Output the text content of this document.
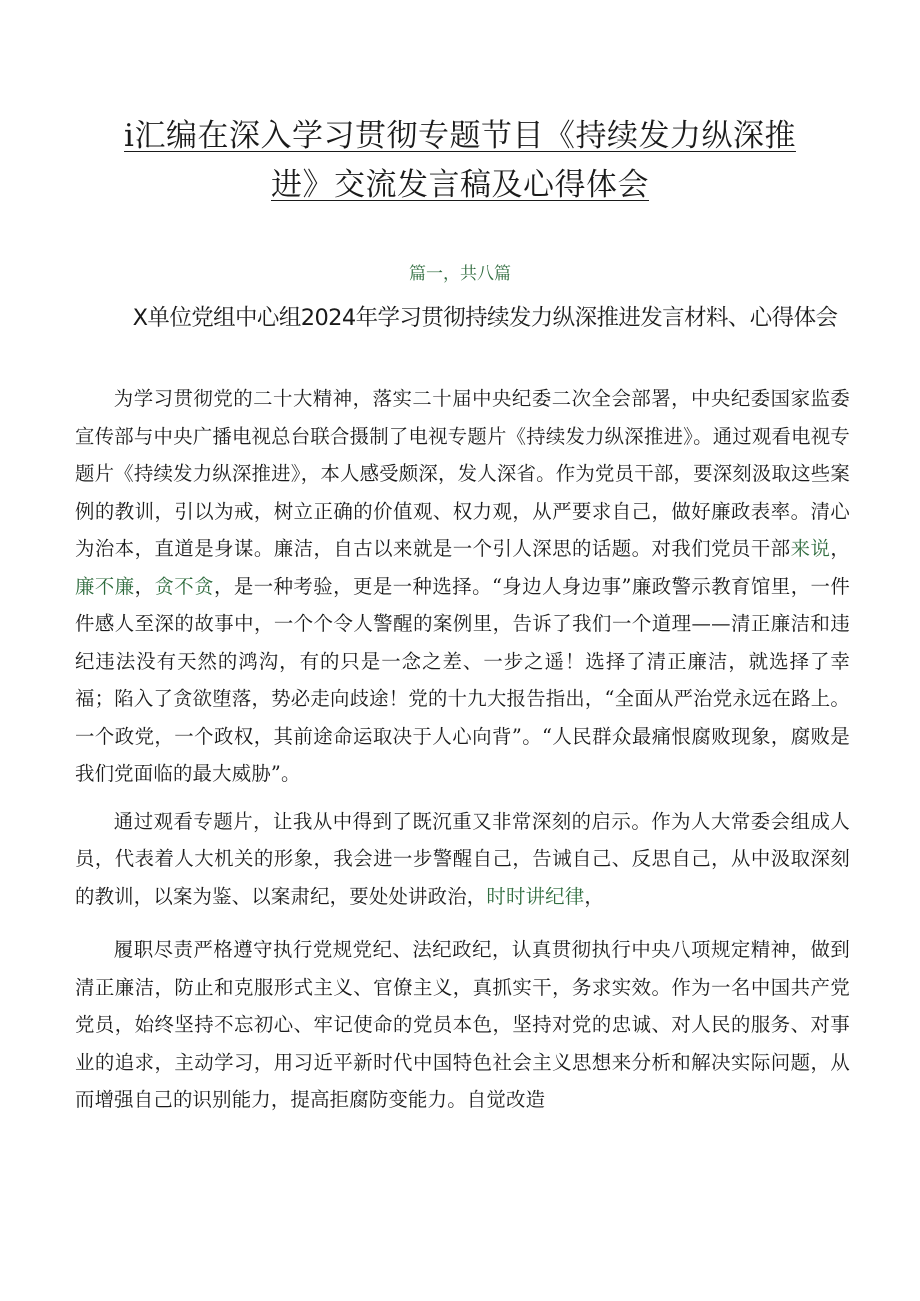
i汇编在深入学习贯彻专题节目《持续发力纵深推进》交流发言稿及心得体会

篇一，共八篇

X单位党组中心组2024年学习贯彻持续发力纵深推进发言材料、心得体会

为学习贯彻党的二十大精神，落实二十届中央纪委二次全会部署，中央纪委国家监委宣传部与中央广播电视总台联合摄制了电视专题片《持续发力纵深推进》。通过观看电视专题片《持续发力纵深推进》，本人感受颇深，发人深省。作为党员干部，要深刻汲取这些案例的教训，引以为戒，树立正确的价值观、权力观，从严要求自己，做好廉政表率。清心为治本，直道是身谋。廉洁，自古以来就是一个引人深思的话题。对我们党员干部来说，廉不廉，贪不贪，是一种考验，更是一种选择。“身边人身边事”廉政警示教育馆里，一件件感人至深的故事中，一个个令人警醒的案例里，告诉了我们一个道理——清正廉洁和违纪违法没有天然的鸿沟，有的只是一念之差、一步之遥！选择了清正廉洁，就选择了幸福；陷入了贪欲堕落，势必走向歧途！党的十九大报告指出，“全面从严治党永远在路上。一个政党，一个政权，其前途命运取决于人心向背”。“人民群众最痛恨腐败现象，腐败是我们党面临的最大威胁”。

通过观看专题片，让我从中得到了既沉重又非常深刻的启示。作为人大常委会组成人员，代表着人大机关的形象，我会进一步警醒自己，告诫自己、反思自己，从中汲取深刻的教训，以案为鉴、以案肃纪，要处处讲政治，时时讲纪律，

履职尽责严格遵守执行党规党纪、法纪政纪，认真贯彻执行中央八项规定精神，做到清正廉洁，防止和克服形式主义、官僚主义，真抓实干，务求实效。作为一名中国共产党党员，始终坚持不忘初心、牢记使命的党员本色，坚持对党的忠诚、对人民的服务、对事业的追求，主动学习，用习近平新时代中国特色社会主义思想来分析和解决实际问题，从而增强自己的识别能力，提高拒腐防变能力。自觉改造
